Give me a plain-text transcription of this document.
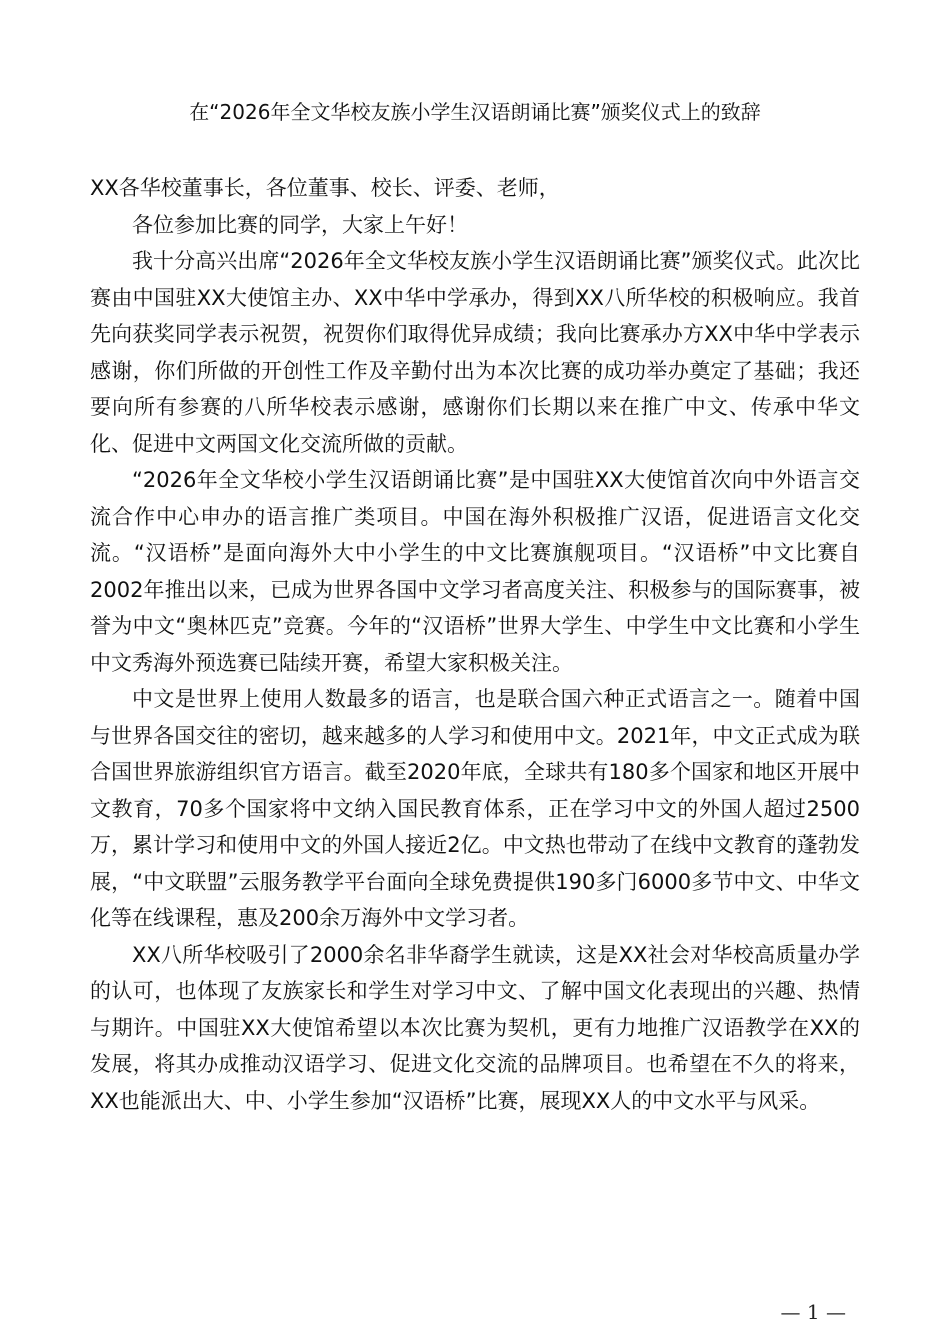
在“2026年全文华校友族小学生汉语朗诵比赛”颁奖仪式上的致辞

XX各华校董事长，各位董事、校长、评委、老师，

各位参加比赛的同学，大家上午好！

我十分高兴出席“2026年全文华校友族小学生汉语朗诵比赛”颁奖仪式。此次比赛由中国驻XX大使馆主办、XX中华中学承办，得到XX八所华校的积极响应。我首先向获奖同学表示祝贺，祝贺你们取得优异成绩；我向比赛承办方XX中华中学表示感谢，你们所做的开创性工作及辛勤付出为本次比赛的成功举办奠定了基础；我还要向所有参赛的八所华校表示感谢，感谢你们长期以来在推广中文、传承中华文化、促进中文两国文化交流所做的贡献。

“2026年全文华校小学生汉语朗诵比赛”是中国驻XX大使馆首次向中外语言交流合作中心申办的语言推广类项目。中国在海外积极推广汉语，促进语言文化交流。“汉语桥”是面向海外大中小学生的中文比赛旗舰项目。“汉语桥”中文比赛自2002年推出以来，已成为世界各国中文学习者高度关注、积极参与的国际赛事，被誉为中文“奥林匹克”竞赛。今年的“汉语桥”世界大学生、中学生中文比赛和小学生中文秀海外预选赛已陆续开赛，希望大家积极关注。

中文是世界上使用人数最多的语言，也是联合国六种正式语言之一。随着中国与世界各国交往的密切，越来越多的人学习和使用中文。2021年，中文正式成为联合国世界旅游组织官方语言。截至2020年底，全球共有180多个国家和地区开展中文教育，70多个国家将中文纳入国民教育体系，正在学习中文的外国人超过2500万，累计学习和使用中文的外国人接近2亿。中文热也带动了在线中文教育的蓬勃发展，“中文联盟”云服务教学平台面向全球免费提供190多门6000多节中文、中华文化等在线课程，惠及200余万海外中文学习者。

XX八所华校吸引了2000余名非华裔学生就读，这是XX社会对华校高质量办学的认可，也体现了友族家长和学生对学习中文、了解中国文化表现出的兴趣、热情与期许。中国驻XX大使馆希望以本次比赛为契机，更有力地推广汉语教学在XX的发展，将其办成推动汉语学习、促进文化交流的品牌项目。也希望在不久的将来，XX也能派出大、中、小学生参加“汉语桥”比赛，展现XX人的中文水平与风采。

— 1 —
